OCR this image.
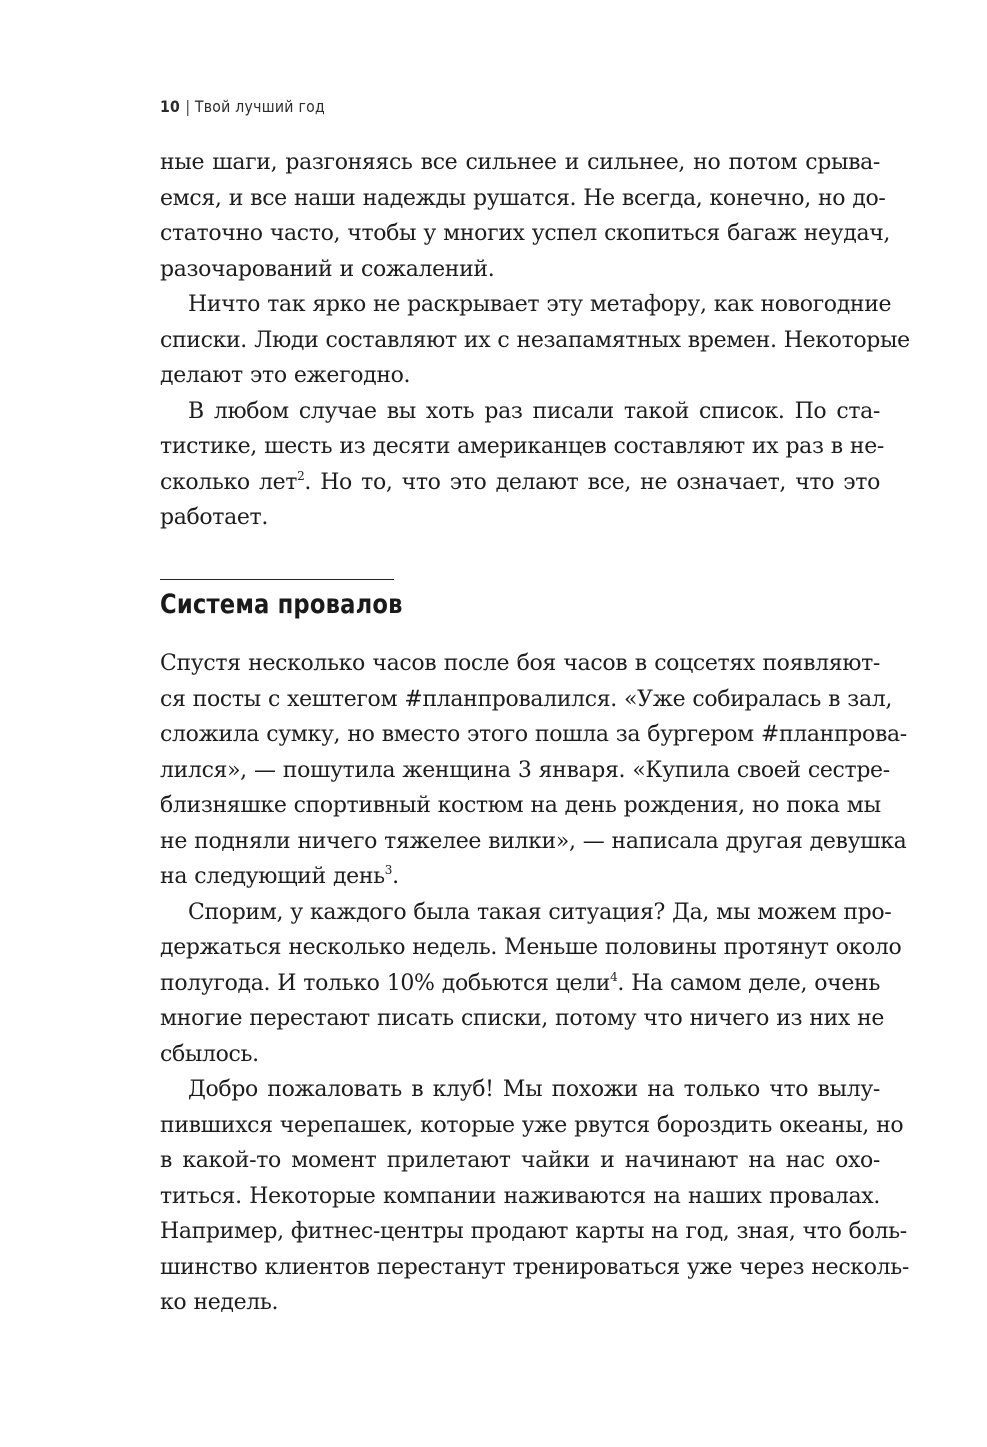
10 | Твой лучший год

ные шаги, разгоняясь все сильнее и сильнее, но потом срыва-
емся, и все наши надежды рушатся. Не всегда, конечно, но до-
статочно часто, чтобы у многих успел скопиться багаж неудач,
разочарований и сожалений.

Ничто так ярко не раскрывает эту метафору, как новогодние
списки. Люди составляют их с незапамятных времен. Некоторые
делают это ежегодно.

В любом случае вы хоть раз писали такой список. По ста-
тистике, шесть из десяти американцев составляют их раз в не-
сколько лет$^2$. Но то, что это делают все, не означает, что это
работает.

Система провалов

Спустя несколько часов после боя часов в соцсетях появляют-
ся посты с хештегом #планпровалился. «Уже собиралась в зал,
сложила сумку, но вместо этого пошла за бургером #планпрова-
лился», — пошутила женщина 3 января. «Купила своей сестре-
близняшке спортивный костюм на день рождения, но пока мы
не подняли ничего тяжелее вилки», — написала другая девушка
на следующий день$^3$.

Спорим, у каждого была такая ситуация? Да, мы можем про-
держаться несколько недель. Меньше половины протянут около
полугода. И только 10% добьются цели$^4$. На самом деле, очень
многие перестают писать списки, потому что ничего из них не
сбылось.

Добро пожаловать в клуб! Мы похожи на только что вылу-
пившихся черепашек, которые уже рвутся бороздить океаны, но
в какой-то момент прилетают чайки и начинают на нас охо-
титься. Некоторые компании наживаются на наших провалах.
Например, фитнес-центры продают карты на год, зная, что боль-
шинство клиентов перестанут тренироваться уже через несколь-
ко недель.
